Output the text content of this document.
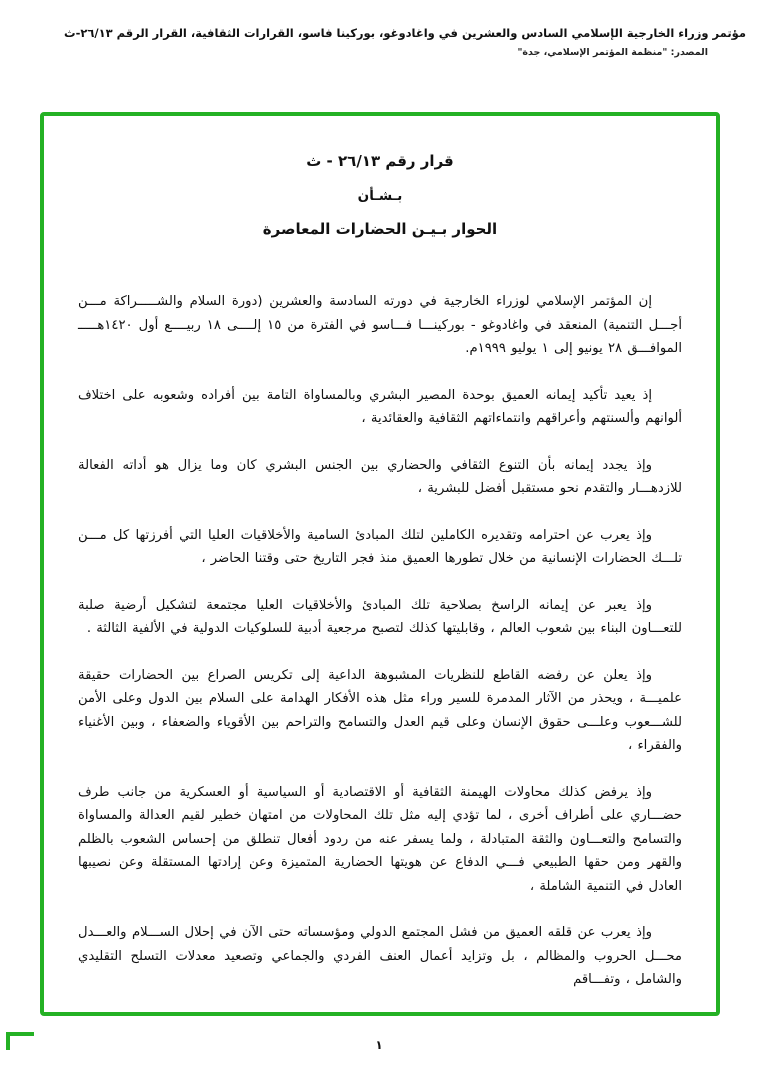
مؤتمر وزراء الخارجية الإسلامي السادس والعشرين في واغادوغو، بوركينا فاسو، القرارات الثقافية، القرار الرقم ٢٦/١٣-ث
المصدر: "منظمة المؤتمر الإسلامي، جدة"
قرار رقم ٢٦/١٣ - ث
بـشـأن
الحوار بـيـن الحضارات المعاصرة

إن المؤتمر الإسلامي لوزراء الخارجية في دورته السادسة والعشرين (دورة السلام والشـــــراكة مـــن أجـــل التنمية) المنعقد في واغادوغو - بوركينـــا فـــاسو في الفترة من ١٥ إلــــى ١٨ ربيــــع أول ١٤٢٠هـــــ الموافـــق ٢٨ يونيو إلى ١ يوليو ١٩٩٩م.

إذ يعيد تأكيد إيمانه العميق بوحدة المصير البشري وبالمساواة التامة بين أفراده وشعوبه على اختلاف ألوانهم وألسنتهم وأعراقهم وانتماءاتهم الثقافية والعقائدية ،

وإذ يجدد إيمانه بأن التنوع الثقافي والحضاري بين الجنس البشري كان وما يزال هو أداته الفعالة للازدهـــار والتقدم نحو مستقبل أفضل للبشرية ،

وإذ يعرب عن احترامه وتقديره الكاملين لتلك المبادئ السامية والأخلاقيات العليا التي أفرزتها كل مـــن تلـــك الحضارات الإنسانية من خلال تطورها العميق منذ فجر التاريخ حتى وقتنا الحاضر ،

وإذ يعبر عن إيمانه الراسخ بصلاحية تلك المبادئ والأخلاقيات العليا مجتمعة لتشكيل أرضية صلبة للتعـــاون البناء بين شعوب العالم ، وقابليتها كذلك لتصبح مرجعية أدبية للسلوكيات الدولية في الألفية الثالثة .

وإذ يعلن عن رفضه القاطع للنظريات المشبوهة الداعية إلى تكريس الصراع بين الحضارات حقيقة علميـــة ، ويحذر من الآثار المدمرة للسير وراء مثل هذه الأفكار الهدامة على السلام بين الدول وعلى الأمن للشـــعوب وعلـــى حقوق الإنسان وعلى قيم العدل والتسامح والتراحم بين الأقوياء والضعفاء ، وبين الأغنياء والفقراء ،

وإذ يرفض كذلك محاولات الهيمنة الثقافية أو الاقتصادية أو السياسية أو العسكرية من جانب طرف حضـــاري على أطراف أخرى ، لما تؤدي إليه مثل تلك المحاولات من امتهان خطير لقيم العدالة والمساواة والتسامح والتعـــاون والثقة المتبادلة ، ولما يسفر عنه من ردود أفعال تنطلق من إحساس الشعوب بالظلم والقهر ومن حقها الطبيعي فـــي الدفاع عن هويتها الحضارية المتميزة وعن إرادتها المستقلة وعن نصيبها العادل في التنمية الشاملة ،

وإذ يعرب عن قلقه العميق من فشل المجتمع الدولي ومؤسساته حتى الآن في إحلال الســـلام والعـــدل محـــل الحروب والمظالم ، بل وتزايد أعمال العنف الفردي والجماعي وتصعيد معدلات التسلح التقليدي والشامل ، وتفـــاقم

١
